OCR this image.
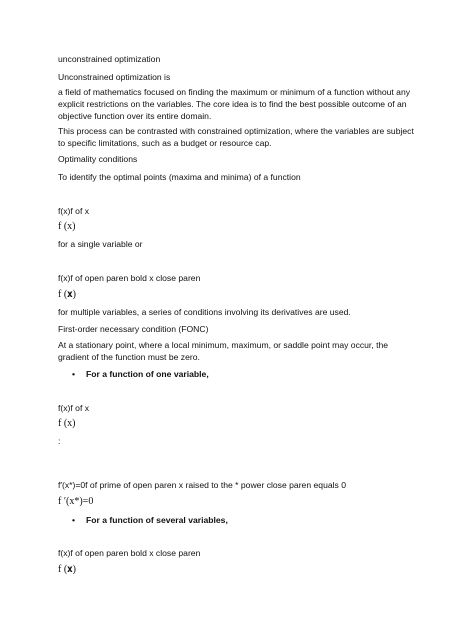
unconstrained optimization
Unconstrained optimization is
a field of mathematics focused on finding the maximum or minimum of a function without any explicit restrictions on the variables. The core idea is to find the best possible outcome of an objective function over its entire domain.
This process can be contrasted with constrained optimization, where the variables are subject to specific limitations, such as a budget or resource cap.
Optimality conditions
To identify the optimal points (maxima and minima) of a function
f(x)f of x
f (x)
for a single variable or
f(x)f of open paren bold x close paren
f (𝐱)
for multiple variables, a series of conditions involving its derivatives are used.
First-order necessary condition (FONC)
At a stationary point, where a local minimum, maximum, or saddle point may occur, the gradient of the function must be zero.
• For a function of one variable,
f(x)f of x
f (x)
:
f′(x*)=0f of prime of open paren x raised to the * power close paren equals 0
f ′(x*)=0
• For a function of several variables,
f(x)f of open paren bold x close paren
f (𝐱)
